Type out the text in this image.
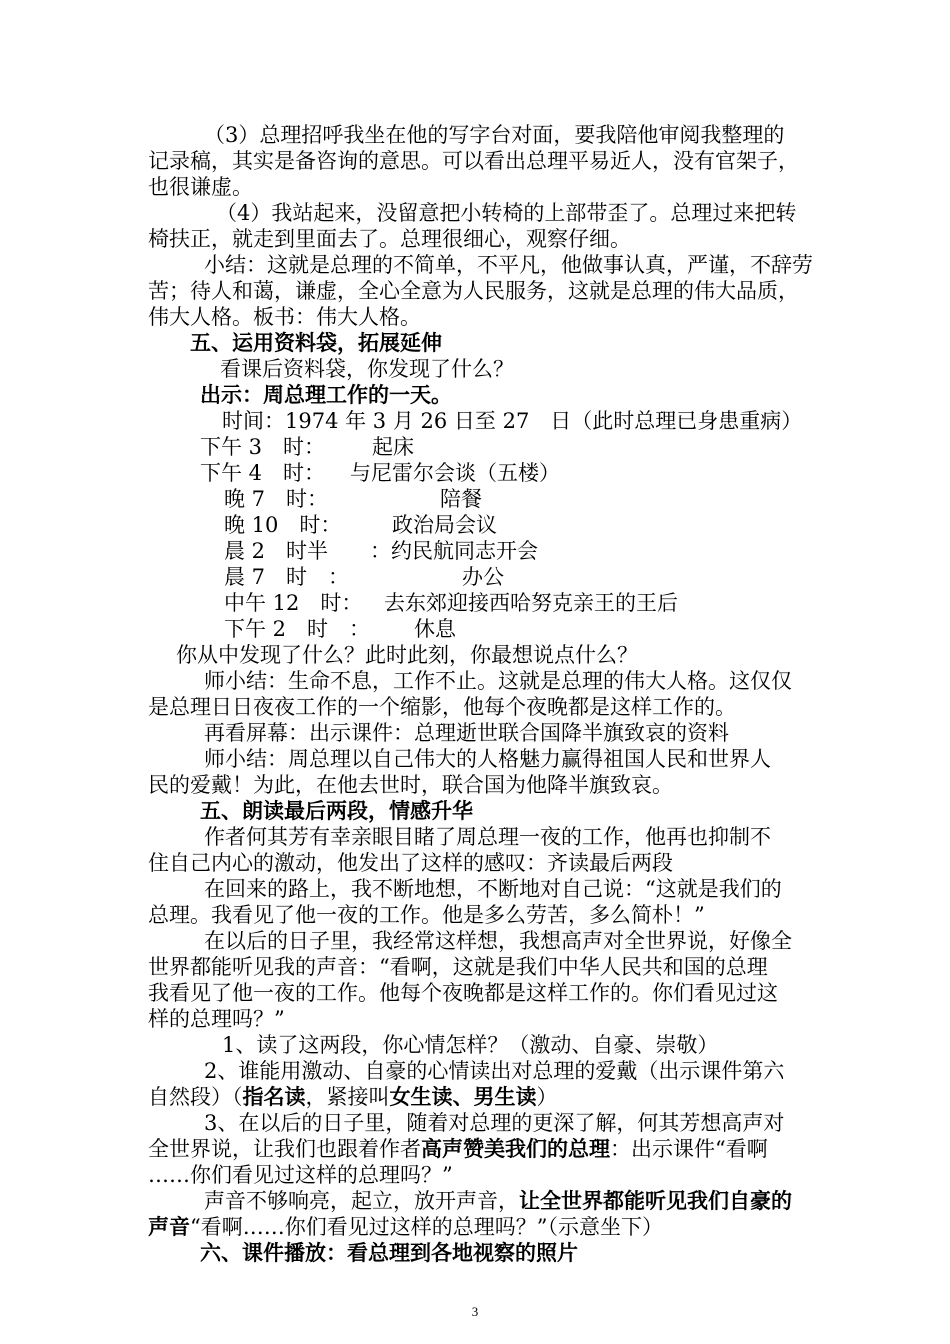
（3）总理招呼我坐在他的写字台对面，要我陪他审阅我整理的
记录稿，其实是备咨询的意思。可以看出总理平易近人，没有官架子，
也很谦虚。
（4）我站起来，没留意把小转椅的上部带歪了。总理过来把转
椅扶正，就走到里面去了。总理很细心，观察仔细。
小结：这就是总理的不简单，不平凡，他做事认真，严谨，不辞劳
苦；待人和蔼，谦虚，全心全意为人民服务，这就是总理的伟大品质，
伟大人格。板书：伟大人格。
五、运用资料袋，拓展延伸
看课后资料袋，你发现了什么？
出示：周总理工作的一天。
时间：1974 年 3 月 26 日至 27　日（此时总理已身患重病）
下午 3　时： 起床
下午 4　时： 与尼雷尔会谈（五楼）
晚 7　时：	陪餐
晚 10　时： 政治局会议
晨 2　时半 ：约民航同志开会
晨 7　时　：	办公
中午 12　时： 去东郊迎接西哈努克亲王的王后
下午 2　时　： 休息
你从中发现了什么？此时此刻，你最想说点什么？
师小结：生命不息，工作不止。这就是总理的伟大人格。这仅仅
是总理日日夜夜工作的一个缩影，他每个夜晚都是这样工作的。
再看屏幕：出示课件：总理逝世联合国降半旗致哀的资料
师小结：周总理以自己伟大的人格魅力赢得祖国人民和世界人
民的爱戴！为此，在他去世时，联合国为他降半旗致哀。
五、朗读最后两段，情感升华
作者何其芳有幸亲眼目睹了周总理一夜的工作，他再也抑制不
住自己内心的激动，他发出了这样的感叹：齐读最后两段
在回来的路上，我不断地想，不断地对自己说：“这就是我们的
总理。我看见了他一夜的工作。他是多么劳苦，多么简朴！”
在以后的日子里，我经常这样想，我想高声对全世界说，好像全
世界都能听见我的声音：“看啊，这就是我们中华人民共和国的总理
我看见了他一夜的工作。他每个夜晚都是这样工作的。你们看见过这
样的总理吗？”
1、读了这两段，你心情怎样？（激动、自豪、崇敬）
2、谁能用激动、自豪的心情读出对总理的爱戴（出示课件第六
自然段）（指名读，紧接叫女生读、男生读）
3、在以后的日子里，随着对总理的更深了解，何其芳想高声对
全世界说，让我们也跟着作者高声赞美我们的总理：出示课件“看啊
……你们看见过这样的总理吗？”
声音不够响亮，起立，放开声音，让全世界都能听见我们自豪的
声音“看啊……你们看见过这样的总理吗？”（示意坐下）
六、课件播放：看总理到各地视察的照片
3
